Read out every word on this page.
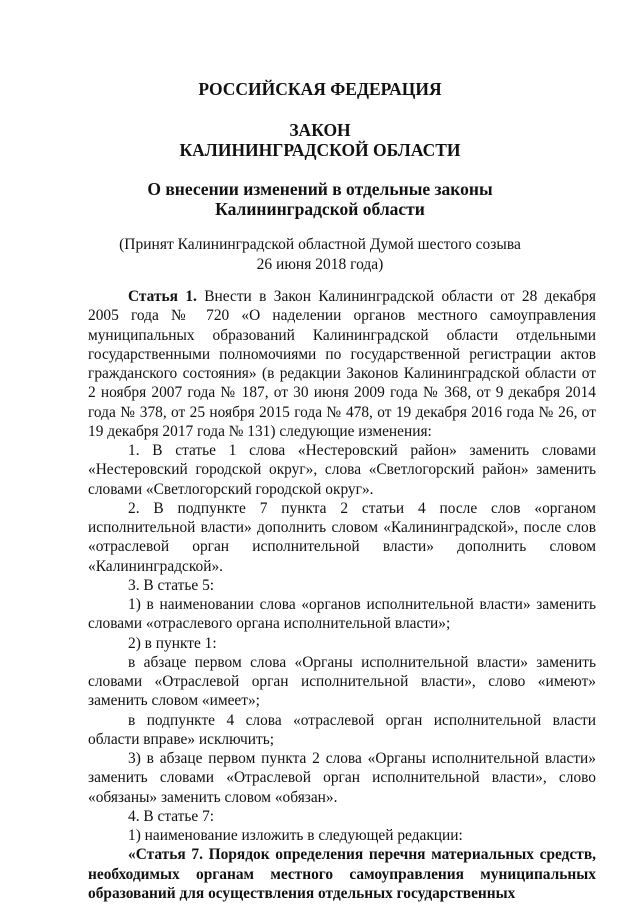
РОССИЙСКАЯ ФЕДЕРАЦИЯ
ЗАКОН
КАЛИНИНГРАДСКОЙ ОБЛАСТИ
О внесении изменений в отдельные законы
Калининградской области
(Принят Калининградской областной Думой шестого созыва
26 июня 2018 года)

Статья 1. Внести в Закон Калининградской области от 28 декабря 2005 года № 720 «О наделении органов местного самоуправления муниципальных образований Калининградской области отдельными государственными полномочиями по государственной регистрации актов гражданского состояния» (в редакции Законов Калининградской области от 2 ноября 2007 года № 187, от 30 июня 2009 года № 368, от 9 декабря 2014 года № 378, от 25 ноября 2015 года № 478, от 19 декабря 2016 года № 26, от 19 декабря 2017 года № 131) следующие изменения:

1. В статье 1 слова «Нестеровский район» заменить словами «Нестеровский городской округ», слова «Светлогорский район» заменить словами «Светлогорский городской округ».

2. В подпункте 7 пункта 2 статьи 4 после слов «органом исполнительной власти» дополнить словом «Калининградской», после слов «отраслевой орган исполнительной власти» дополнить словом «Калининградской».

3. В статье 5:

1) в наименовании слова «органов исполнительной власти» заменить словами «отраслевого органа исполнительной власти»;

2) в пункте 1:

в абзаце первом слова «Органы исполнительной власти» заменить словами «Отраслевой орган исполнительной власти», слово «имеют» заменить словом «имеет»;

в подпункте 4 слова «отраслевой орган исполнительной власти области вправе» исключить;

3) в абзаце первом пункта 2 слова «Органы исполнительной власти» заменить словами «Отраслевой орган исполнительной власти», слово «обязаны» заменить словом «обязан».

4. В статье 7:

1) наименование изложить в следующей редакции:

«Статья 7. Порядок определения перечня материальных средств, необходимых органам местного самоуправления муниципальных образований для осуществления отдельных государственных
